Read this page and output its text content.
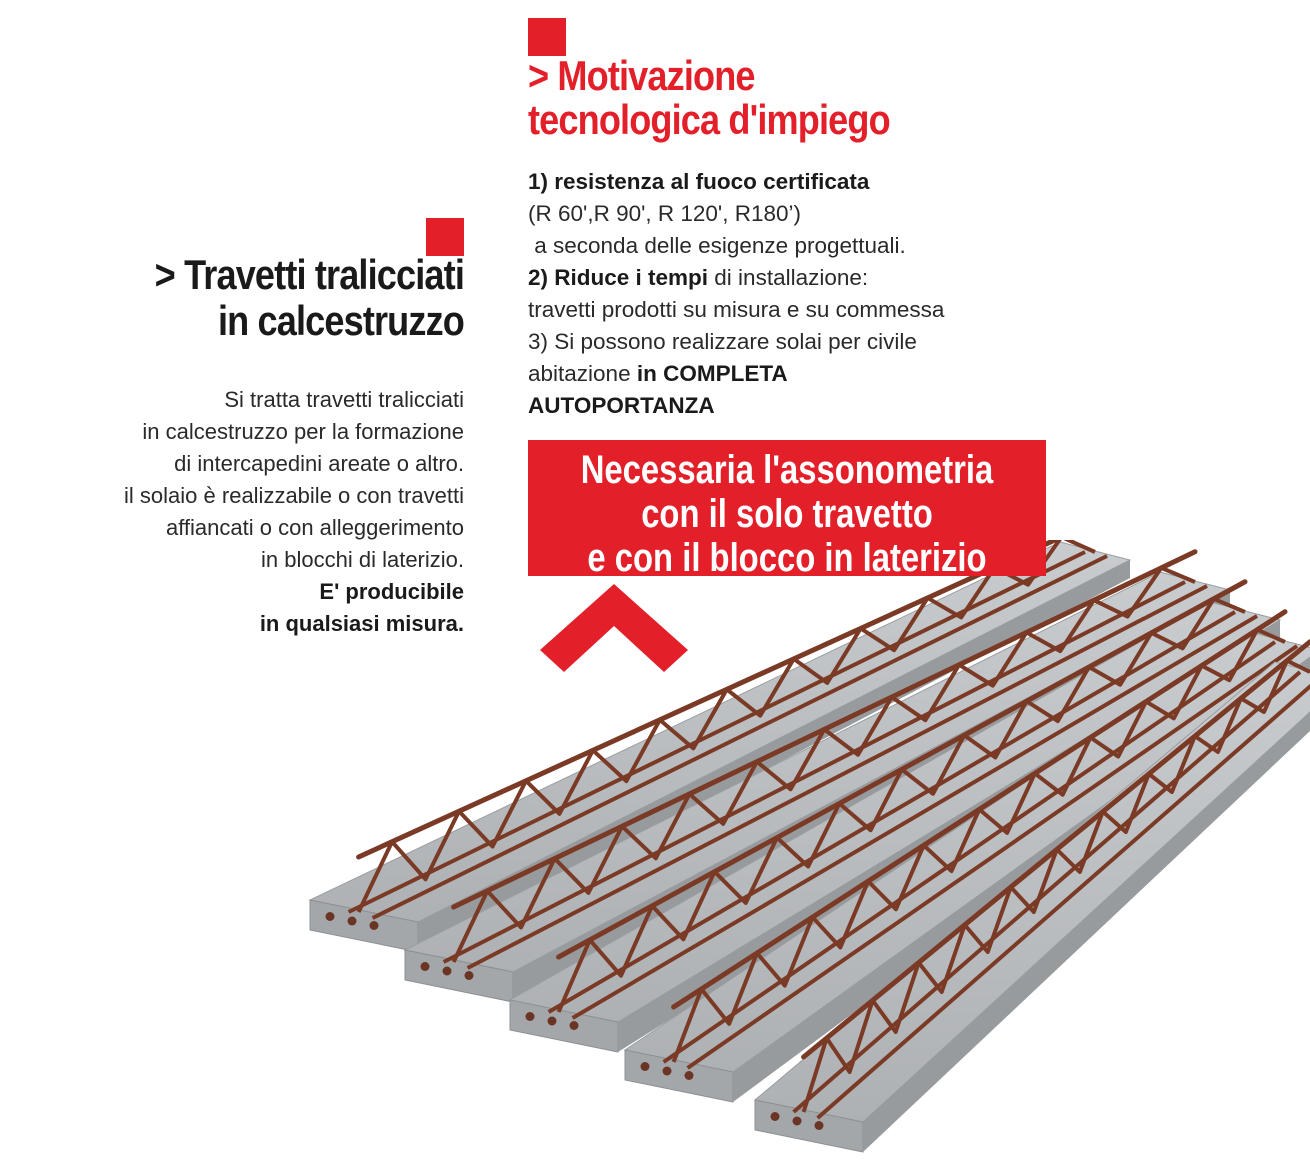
> Travetti tralicciati
in calcestruzzo
Si tratta travetti tralicciati
in calcestruzzo per la formazione
di intercapedini areate o altro.
il solaio è realizzabile o con travetti
affiancati o con alleggerimento
in blocchi di laterizio.
E' producibile
in qualsiasi misura.
> Motivazione
tecnologica d'impiego
1) resistenza al fuoco certificata
(R 60',R 90', R 120', R180’)
a seconda delle esigenze progettuali.
2) Riduce i tempi di installazione:
travetti prodotti su misura e su commessa
3) Si possono realizzare solai per civile
abitazione in COMPLETA
AUTOPORTANZA
Necessaria l'assonometria
con il solo travetto
e con il blocco in laterizio
